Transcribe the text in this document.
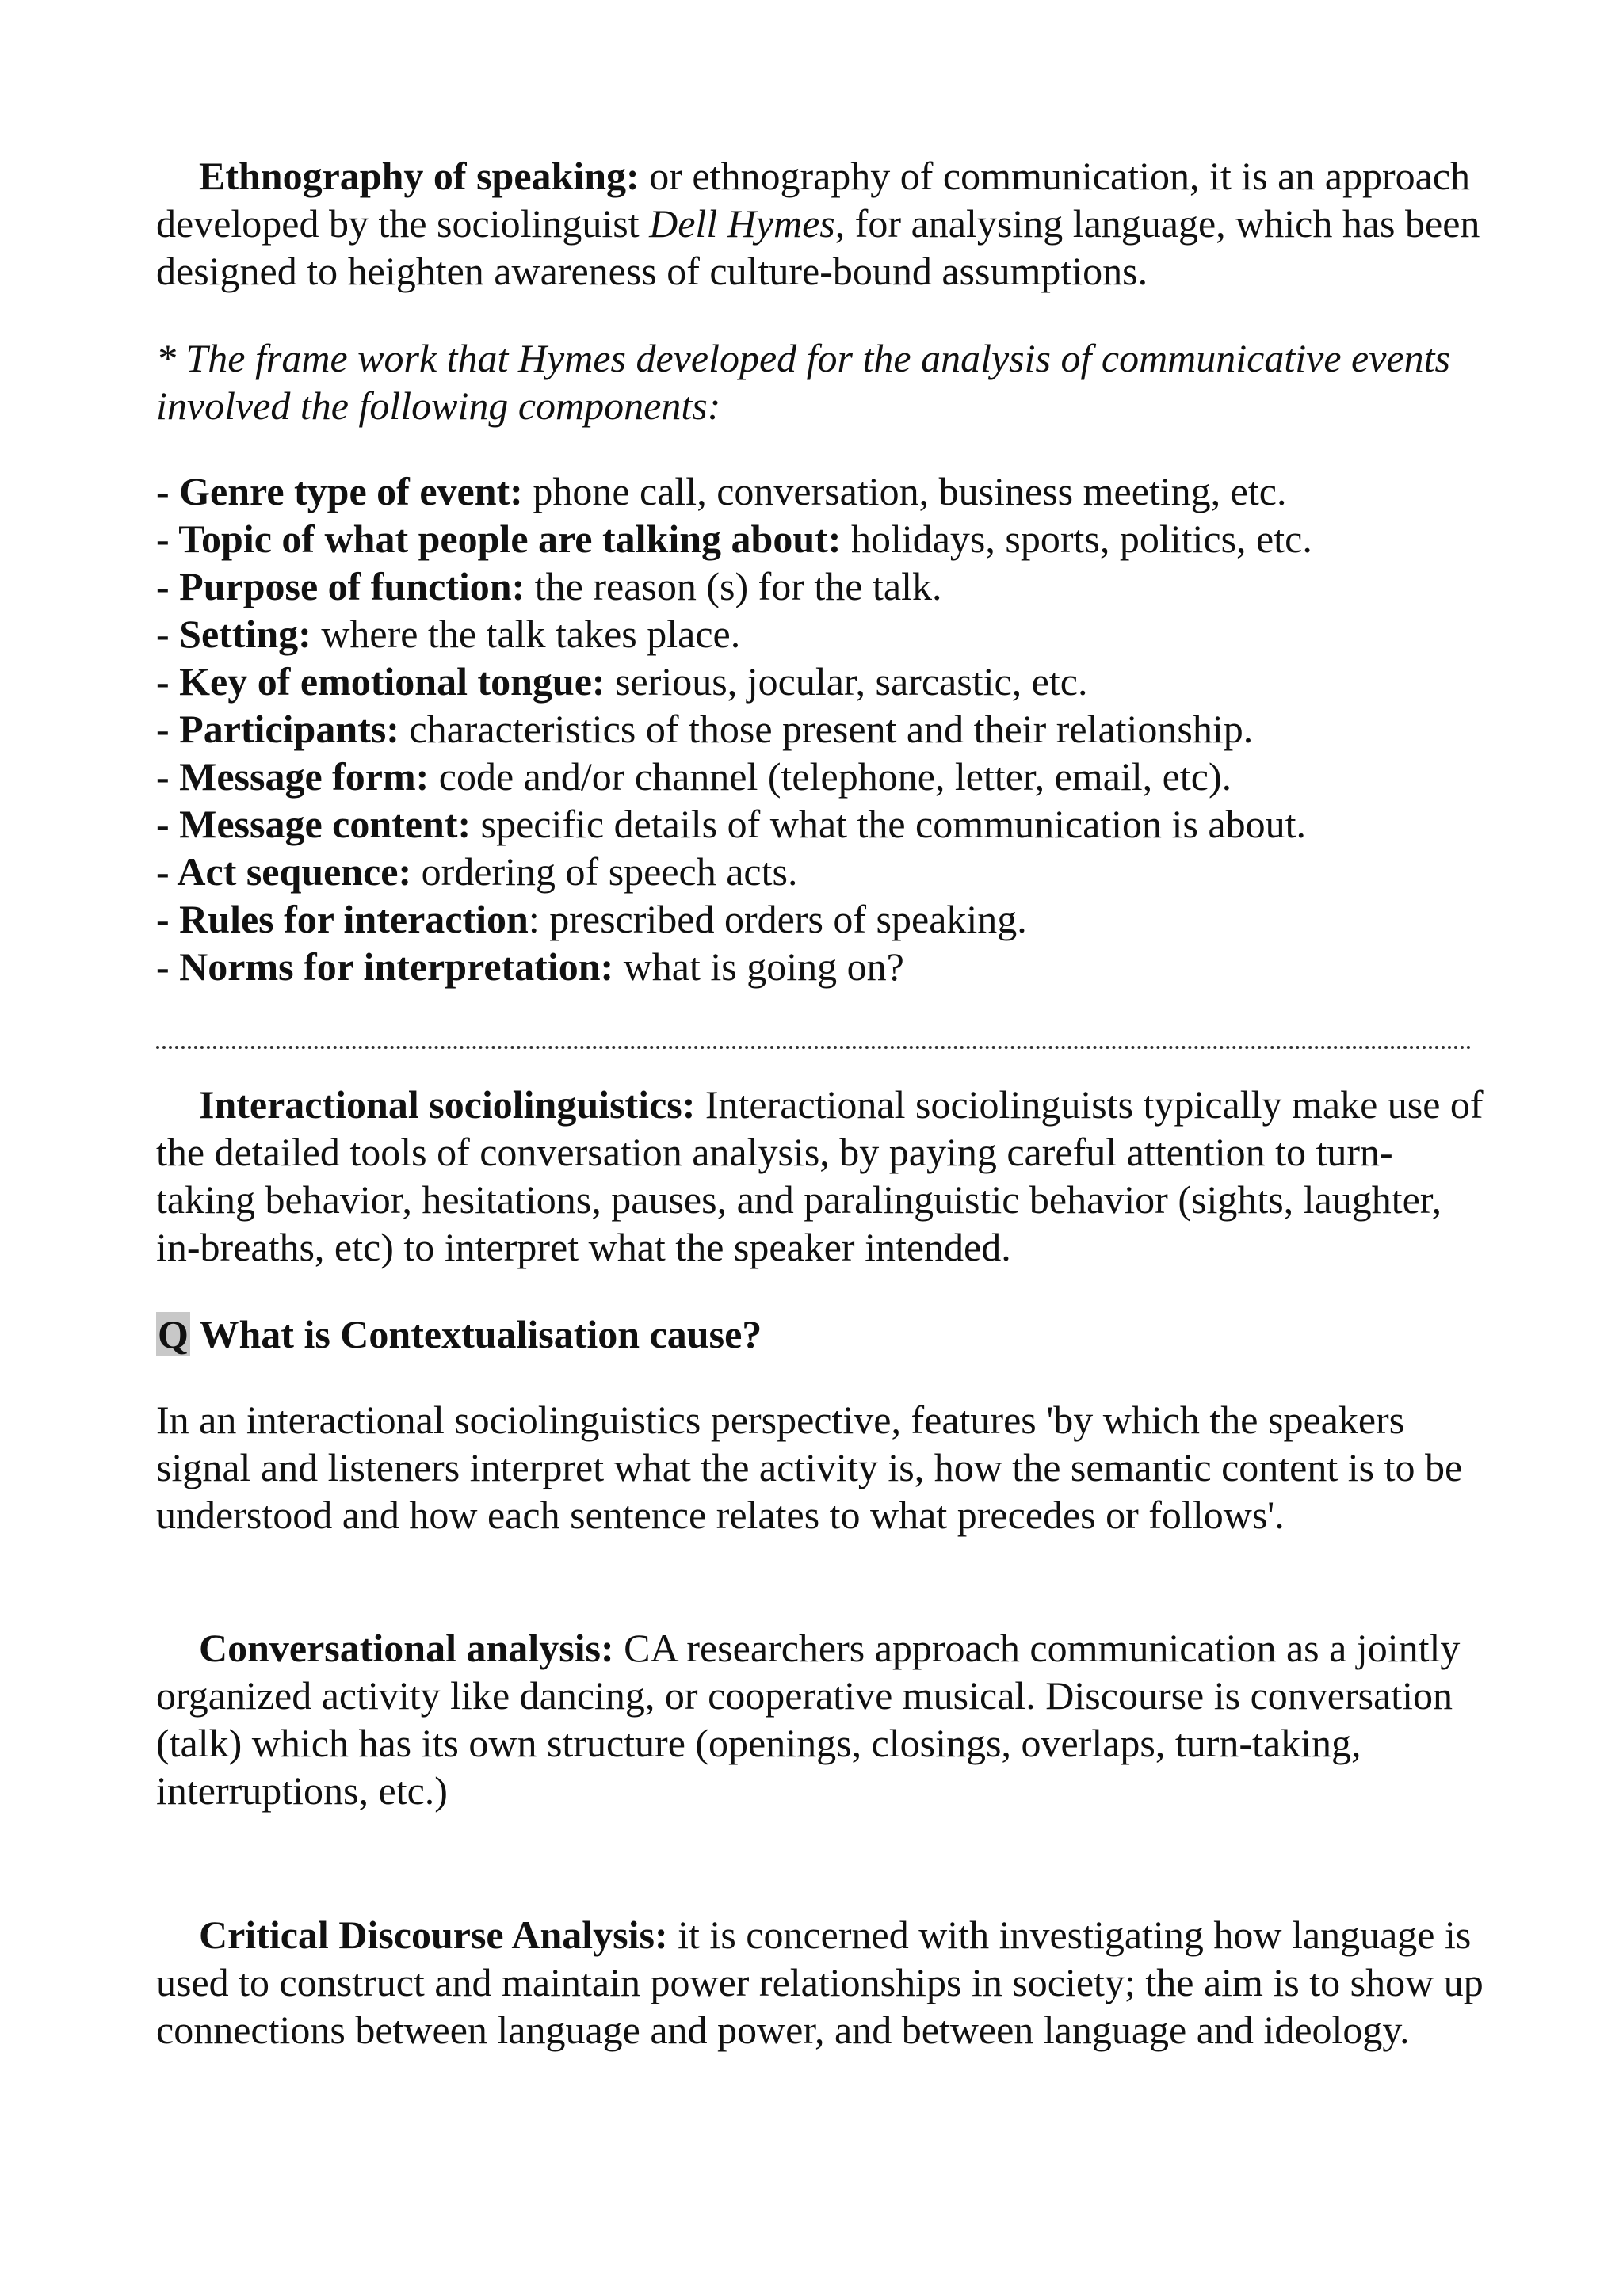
Ethnography of speaking: or ethnography of communication, it is an approach developed by the sociolinguist Dell Hymes, for analysing language, which has been designed to heighten awareness of culture-bound assumptions.

* The frame work that Hymes developed for the analysis of communicative events involved the following components:

- Genre type of event: phone call, conversation, business meeting, etc.
- Topic of what people are talking about: holidays, sports, politics, etc.
- Purpose of function: the reason (s) for the talk.
- Setting: where the talk takes place.
- Key of emotional tongue: serious, jocular, sarcastic, etc.
- Participants: characteristics of those present and their relationship.
- Message form: code and/or channel (telephone, letter, email, etc).
- Message content: specific details of what the communication is about.
- Act sequence: ordering of speech acts.
- Rules for interaction: prescribed orders of speaking.
- Norms for interpretation: what is going on?

Interactional sociolinguistics: Interactional sociolinguists typically make use of the detailed tools of conversation analysis, by paying careful attention to turn-taking behavior, hesitations, pauses, and paralinguistic behavior (sights, laughter, in-breaths, etc) to interpret what the speaker intended.

Q What is Contextualisation cause?

In an interactional sociolinguistics perspective, features 'by which the speakers signal and listeners interpret what the activity is, how the semantic content is to be understood and how each sentence relates to what precedes or follows'.

Conversational analysis: CA researchers approach communication as a jointly organized activity like dancing, or cooperative musical. Discourse is conversation (talk) which has its own structure (openings, closings, overlaps, turn-taking, interruptions, etc.)

Critical Discourse Analysis: it is concerned with investigating how language is used to construct and maintain power relationships in society; the aim is to show up connections between language and power, and between language and ideology.
